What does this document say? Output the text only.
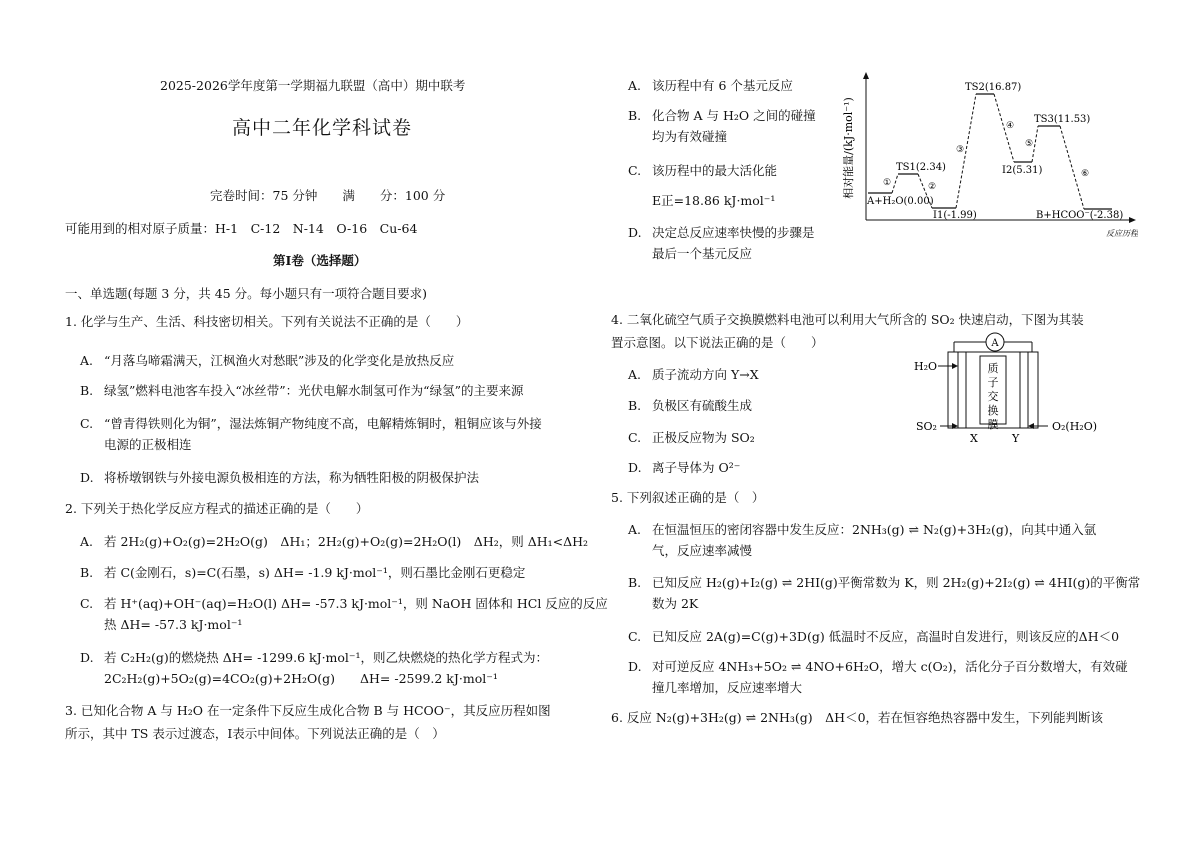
2025-2026学年度第一学期福九联盟（高中）期中联考
高中二年化学科试卷
完卷时间：75 分钟　　满　　分：100 分
可能用到的相对原子质量：H-1　C-12　N-14　O-16　Cu-64
第Ⅰ卷（选择题）
一、单选题(每题 3 分，共 45 分。每小题只有一项符合题目要求)
1. 化学与生产、生活、科技密切相关。下列有关说法不正确的是（　　）
A. “月落乌啼霜满天，江枫渔火对愁眠”涉及的化学变化是放热反应
B. 绿氢”燃料电池客车投入“冰丝带”：光伏电解水制氢可作为“绿氢”的主要来源
C. “曾青得铁则化为铜”，湿法炼铜产物纯度不高，电解精炼铜时，粗铜应该与外接
电源的正极相连
D. 将桥墩钢铁与外接电源负极相连的方法，称为牺牲阳极的阴极保护法
2. 下列关于热化学反应方程式的描述正确的是（　　）
A. 若 2H₂(g)+O₂(g)=2H₂O(g)　ΔH₁；2H₂(g)+O₂(g)=2H₂O(l)　ΔH₂，则 ΔH₁<ΔH₂
B. 若 C(金刚石，s)=C(石墨，s) ΔH= -1.9 kJ·mol⁻¹，则石墨比金刚石更稳定
C. 若 H⁺(aq)+OH⁻(aq)=H₂O(l) ΔH= -57.3 kJ·mol⁻¹，则 NaOH 固体和 HCl 反应的反应
热 ΔH= -57.3 kJ·mol⁻¹
D. 若 C₂H₂(g)的燃烧热 ΔH= -1299.6 kJ·mol⁻¹，则乙炔燃烧的热化学方程式为：
2C₂H₂(g)+5O₂(g)=4CO₂(g)+2H₂O(g)　　ΔH= -2599.2 kJ·mol⁻¹
3. 已知化合物 A 与 H₂O 在一定条件下反应生成化合物 B 与 HCOO⁻，其反应历程如图
所示，其中 TS 表示过渡态，Ⅰ表示中间体。下列说法正确的是（　）
A. 该历程中有 6 个基元反应
B. 化合物 A 与 H₂O 之间的碰撞
均为有效碰撞
C. 该历程中的最大活化能
E正=18.86 kJ·mol⁻¹
D. 决定总反应速率快慢的步骤是
最后一个基元反应
相对能量/(kJ·mol⁻¹)
反应历程
①	②
③
④
⑤
⑥
A+H₂O(0.00)
TS1(2.34)
Ⅰ1(-1.99)
TS2(16.87)
Ⅰ2(5.31)
TS3(11.53)
B+HCOO⁻(-2.38)
4. 二氧化硫空气质子交换膜燃料电池可以利用大气所含的 SO₂ 快速启动，下图为其装
置示意图。以下说法正确的是（　　）
A. 质子流动方向 Y→X
B. 负极区有硫酸生成
C. 正极反应物为 SO₂
D. 离子导体为 O²⁻
A
质
子
交
换
膜
H₂O
SO₂	O₂(H₂O)
X	Y
5. 下列叙述正确的是（　）
A. 在恒温恒压的密闭容器中发生反应：2NH₃(g) ⇌ N₂(g)+3H₂(g)，向其中通入氩
气，反应速率减慢
B. 已知反应 H₂(g)+I₂(g) ⇌ 2HI(g)平衡常数为 K，则 2H₂(g)+2I₂(g) ⇌ 4HI(g)的平衡常
数为 2K
C. 已知反应 2A(g)=C(g)+3D(g) 低温时不反应，高温时自发进行，则该反应的ΔH＜0
D. 对可逆反应 4NH₃+5O₂ ⇌ 4NO+6H₂O，增大 c(O₂)，活化分子百分数增大，有效碰
撞几率增加，反应速率增大
6. 反应 N₂(g)+3H₂(g) ⇌ 2NH₃(g)　ΔH＜0，若在恒容绝热容器中发生，下列能判断该
